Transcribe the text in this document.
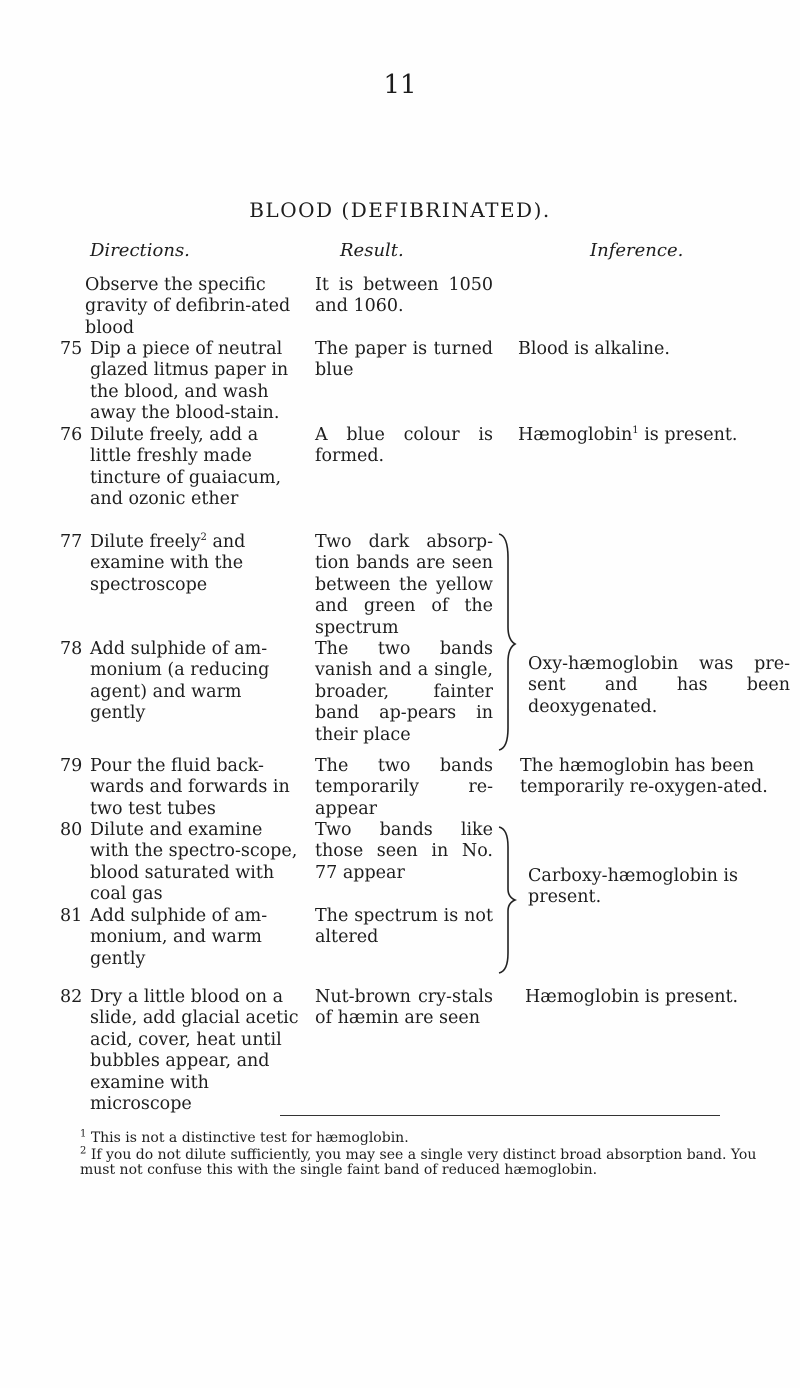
11
BLOOD (DEFIBRINATED).
Directions.	Result.	Inference.
Observe the specific gravity of defibrin-ated blood
It is between 1050 and 1060.
75 Dip a piece of neutral glazed litmus paper in the blood, and wash away the blood-stain.
The paper is turned blue
Blood is alkaline.
76 Dilute freely, add a little freshly made tincture of guaiacum, and ozonic ether
A blue colour is formed.
Hæmoglobin$^1$ is present.
77 Dilute freely$^2$ and examine with the spectroscope
Two dark absorp-tion bands are seen between the yellow and green of the spectrum
78 Add sulphide of am-monium (a reducing agent) and warm gently
The two bands vanish and a single, broader, fainter band ap-pears in their place
Oxy-hæmoglobin was pre-sent and has been deoxygenated.
79 Pour the fluid back-wards and forwards in two test tubes
The two bands temporarily re-appear
The hæmoglobin has been temporarily re-oxygen-ated.
80 Dilute and examine with the spectro-scope, blood saturated with coal gas
Two bands like those seen in No. 77 appear
81 Add sulphide of am-monium, and warm gently
The spectrum is not altered
Carboxy-hæmoglobin is present.
82 Dry a little blood on a slide, add glacial acetic acid, cover, heat until bubbles appear, and examine with microscope
Nut-brown cry-stals of hæmin are seen
Hæmoglobin is present.
$^1$ This is not a distinctive test for hæmoglobin.
$^2$ If you do not dilute sufficiently, you may see a single very distinct broad absorption band. You must not confuse this with the single faint band of reduced hæmoglobin.
